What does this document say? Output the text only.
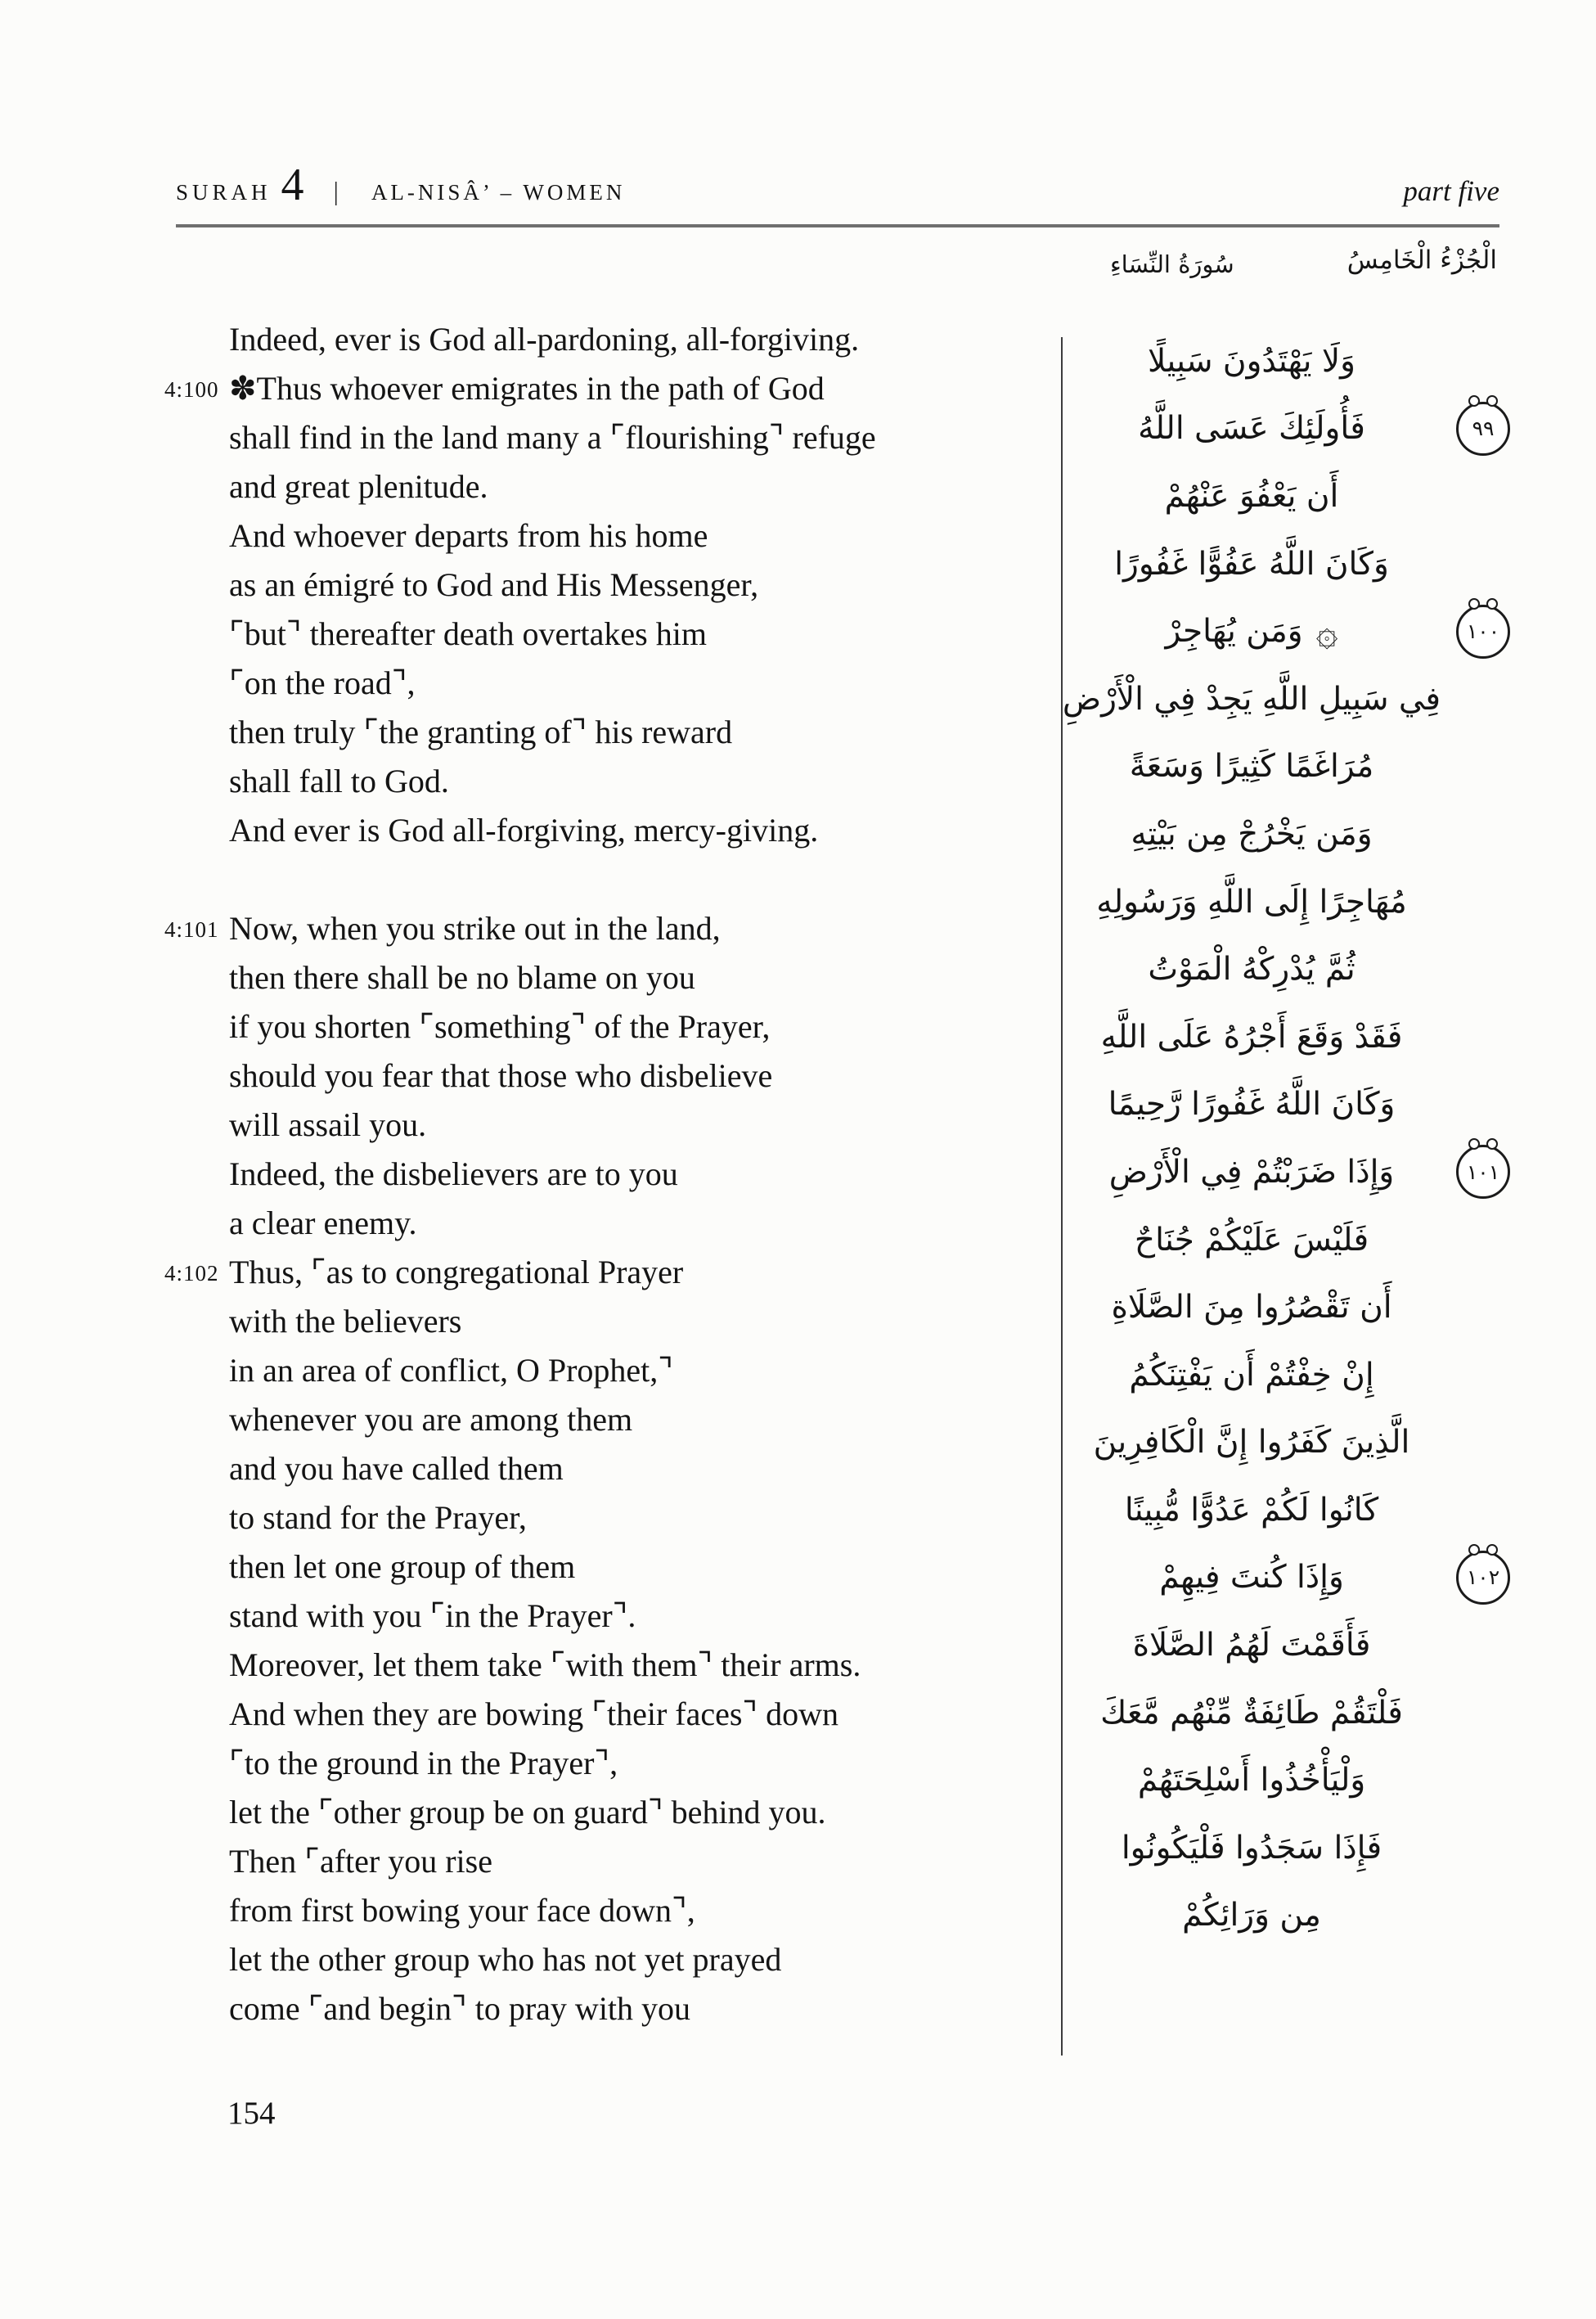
SURAH 4 | AL-NISÂ’ – WOMEN	part five
الْجُزْءُ الْخَامِسُ
سُورَةُ النِّسَاءِ
Indeed, ever is God all-pardoning, all-forgiving.
4:100 ✽Thus whoever emigrates in the path of God
shall find in the land many a ⌜flourishing⌝ refuge
and great plenitude.
And whoever departs from his home
as an émigré to God and His Messenger,
⌜but⌝ thereafter death overtakes him
⌜on the road⌝,
then truly ⌜the granting of⌝ his reward
shall fall to God.
And ever is God all-forgiving, mercy-giving.
4:101 Now, when you strike out in the land,
then there shall be no blame on you
if you shorten ⌜something⌝ of the Prayer,
should you fear that those who disbelieve
will assail you.
Indeed, the disbelievers are to you
a clear enemy.
4:102 Thus, ⌜as to congregational Prayer
with the believers
in an area of conflict, O Prophet,⌝
whenever you are among them
and you have called them
to stand for the Prayer,
then let one group of them
stand with you ⌜in the Prayer⌝.
Moreover, let them take ⌜with them⌝ their arms.
And when they are bowing ⌜their faces⌝ down
⌜to the ground in the Prayer⌝,
let the ⌜other group be on guard⌝ behind you.
Then ⌜after you rise
from first bowing your face down⌝,
let the other group who has not yet prayed
come ⌜and begin⌝ to pray with you
وَلَا يَهْتَدُونَ سَبِيلًا
فَأُولَئِكَ عَسَى اللَّهُ	٩٩
أَن يَعْفُوَ عَنْهُمْ
وَكَانَ اللَّهُ عَفُوًّا غَفُورًا
۞
وَمَن يُهَاجِرْ	١٠٠
فِي سَبِيلِ اللَّهِ يَجِدْ فِي الْأَرْضِ
مُرَاغَمًا كَثِيرًا وَسَعَةً
وَمَن يَخْرُجْ مِن بَيْتِهِ
مُهَاجِرًا إِلَى اللَّهِ وَرَسُولِهِ
ثُمَّ يُدْرِكْهُ الْمَوْتُ
فَقَدْ وَقَعَ أَجْرُهُ عَلَى اللَّهِ
وَكَانَ اللَّهُ غَفُورًا رَّحِيمًا
وَإِذَا ضَرَبْتُمْ فِي الْأَرْضِ	١٠١
فَلَيْسَ عَلَيْكُمْ جُنَاحٌ
أَن تَقْصُرُوا مِنَ الصَّلَاةِ
إِنْ خِفْتُمْ أَن يَفْتِنَكُمُ
الَّذِينَ كَفَرُوا إِنَّ الْكَافِرِينَ
كَانُوا لَكُمْ عَدُوًّا مُّبِينًا
وَإِذَا كُنتَ فِيهِمْ	١٠٢
فَأَقَمْتَ لَهُمُ الصَّلَاةَ
فَلْتَقُمْ طَائِفَةٌ مِّنْهُم مَّعَكَ
وَلْيَأْخُذُوا أَسْلِحَتَهُمْ
فَإِذَا سَجَدُوا فَلْيَكُونُوا
مِن وَرَائِكُمْ
154
